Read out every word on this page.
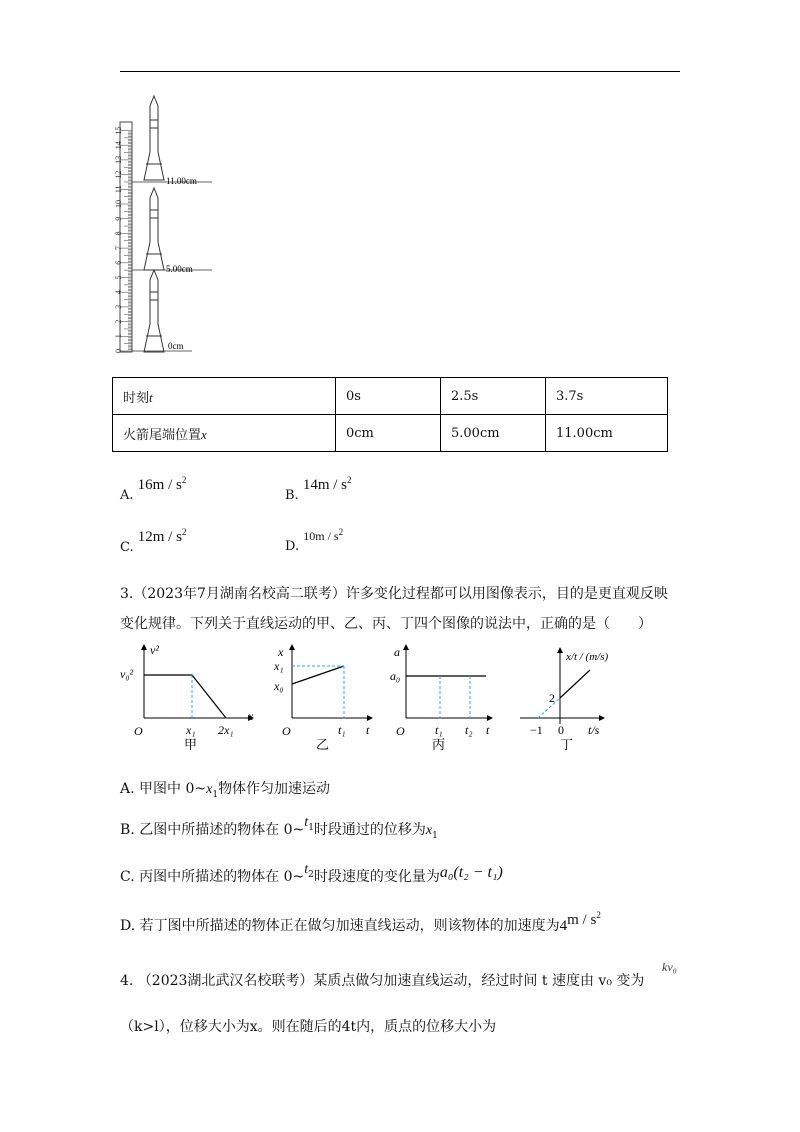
0
1
2
3
4
5
6
7
8
9
10
11
12
13
14
15
11.00cm
5.00cm
0cm
时刻t	0s	2.5s	3.7s
火箭尾端位置x	0cm	5.00cm	11.00cm
A. $16m / s^2$
B. $14m / s^2$
C. $12m / s^2$
D. $10m / s^2$
3.（2023年7月湖南名校高二联考）许多变化过程都可以用图像表示，目的是更直观反映
变化规律。下列关于直线运动的甲、乙、丙、丁四个图像的说法中，正确的是（　　）
v²
v₀²
O	x₁ 2x₁
x
甲
x
x₁
x₀
O	t₁ t
乙
a
a₀
O	t₁ t₂ t
丙
x/t / (m/s)
2
−1 0 t/s
丁
A. 甲图中 $0\sim x_1$物体作匀加速运动
B. 乙图中所描述的物体在 $0\sim t_1$时段通过的位移为$x_1$
C. 丙图中所描述的物体在 $0\sim t_2$时段速度的变化量为a₀(t₂ − t₁)
D. 若丁图中所描述的物体正在做匀加速直线运动，则该物体的加速度为$4m / s^2$
4. （2023湖北武汉名校联考）某质点做匀加速直线运动，经过时间 t 速度由 v₀ 变为
kv₀
（k>l），位移大小为x。则在随后的4t内，质点的位移大小为
